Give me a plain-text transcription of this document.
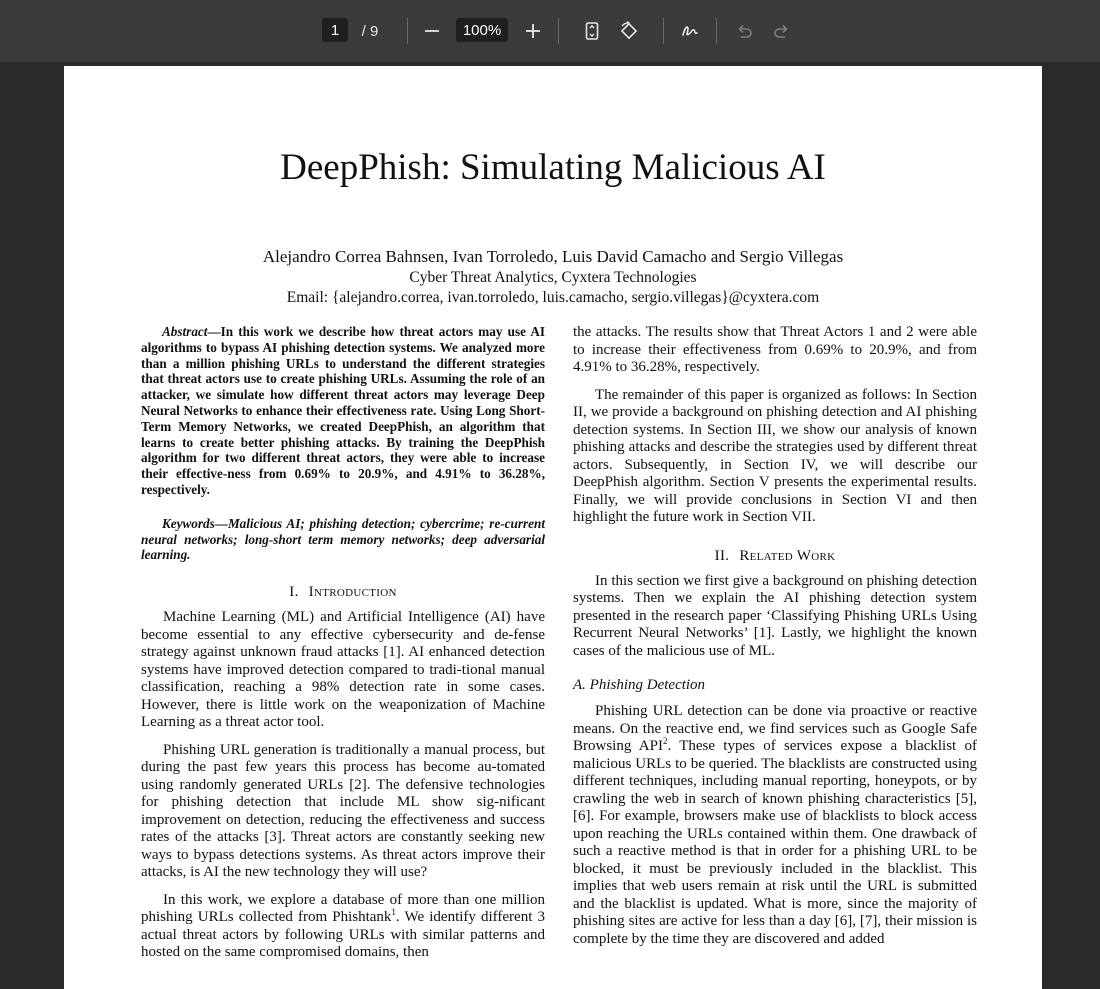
1	/ 9	100%
DeepPhish: Simulating Malicious AI
Alejandro Correa Bahnsen, Ivan Torroledo, Luis David Camacho and Sergio Villegas
Cyber Threat Analytics, Cyxtera Technologies
Email: {alejandro.correa, ivan.torroledo, luis.camacho, sergio.villegas}@cyxtera.com

Abstract—In this work we describe how threat actors may use AI algorithms to bypass AI phishing detection systems. We analyzed more than a million phishing URLs to understand the different strategies that threat actors use to create phishing URLs. Assuming the role of an attacker, we simulate how different threat actors may leverage Deep Neural Networks to enhance their effectiveness rate. Using Long Short-Term Memory Networks, we created DeepPhish, an algorithm that learns to create better phishing attacks. By training the DeepPhish algorithm for two different threat actors, they were able to increase their effective-ness from 0.69% to 20.9%, and 4.91% to 36.28%, respectively.

Keywords—Malicious AI; phishing detection; cybercrime; re-current neural networks; long-short term memory networks; deep adversarial learning.

I. Introduction

Machine Learning (ML) and Artificial Intelligence (AI) have become essential to any effective cybersecurity and de-fense strategy against unknown fraud attacks [1]. AI enhanced detection systems have improved detection compared to tradi-tional manual classification, reaching a 98% detection rate in some cases. However, there is little work on the weaponization of Machine Learning as a threat actor tool.

Phishing URL generation is traditionally a manual process, but during the past few years this process has become au-tomated using randomly generated URLs [2]. The defensive technologies for phishing detection that include ML show sig-nificant improvement on detection, reducing the effectiveness and success rates of the attacks [3]. Threat actors are constantly seeking new ways to bypass detections systems. As threat actors improve their attacks, is AI the new technology they will use?

In this work, we explore a database of more than one million phishing URLs collected from Phishtank$^1$. We identify different 3 actual threat actors by following URLs with similar patterns and hosted on the same compromised domains, then

the attacks. The results show that Threat Actors 1 and 2 were able to increase their effectiveness from 0.69% to 20.9%, and from 4.91% to 36.28%, respectively.

The remainder of this paper is organized as follows: In Section II, we provide a background on phishing detection and AI phishing detection systems. In Section III, we show our analysis of known phishing attacks and describe the strategies used by different threat actors. Subsequently, in Section IV, we will describe our DeepPhish algorithm. Section V presents the experimental results. Finally, we will provide conclusions in Section VI and then highlight the future work in Section VII.

II. Related Work

In this section we first give a background on phishing detection systems. Then we explain the AI phishing detection system presented in the research paper ‘Classifying Phishing URLs Using Recurrent Neural Networks’ [1]. Lastly, we highlight the known cases of the malicious use of ML.

A. Phishing Detection

Phishing URL detection can be done via proactive or reactive means. On the reactive end, we find services such as Google Safe Browsing API$^2$. These types of services expose a blacklist of malicious URLs to be queried. The blacklists are constructed using different techniques, including manual reporting, honeypots, or by crawling the web in search of known phishing characteristics [5], [6]. For example, browsers make use of blacklists to block access upon reaching the URLs contained within them. One drawback of such a reactive method is that in order for a phishing URL to be blocked, it must be previously included in the blacklist. This implies that web users remain at risk until the URL is submitted and the blacklist is updated. What is more, since the majority of phishing sites are active for less than a day [6], [7], their mission is complete by the time they are discovered and added
